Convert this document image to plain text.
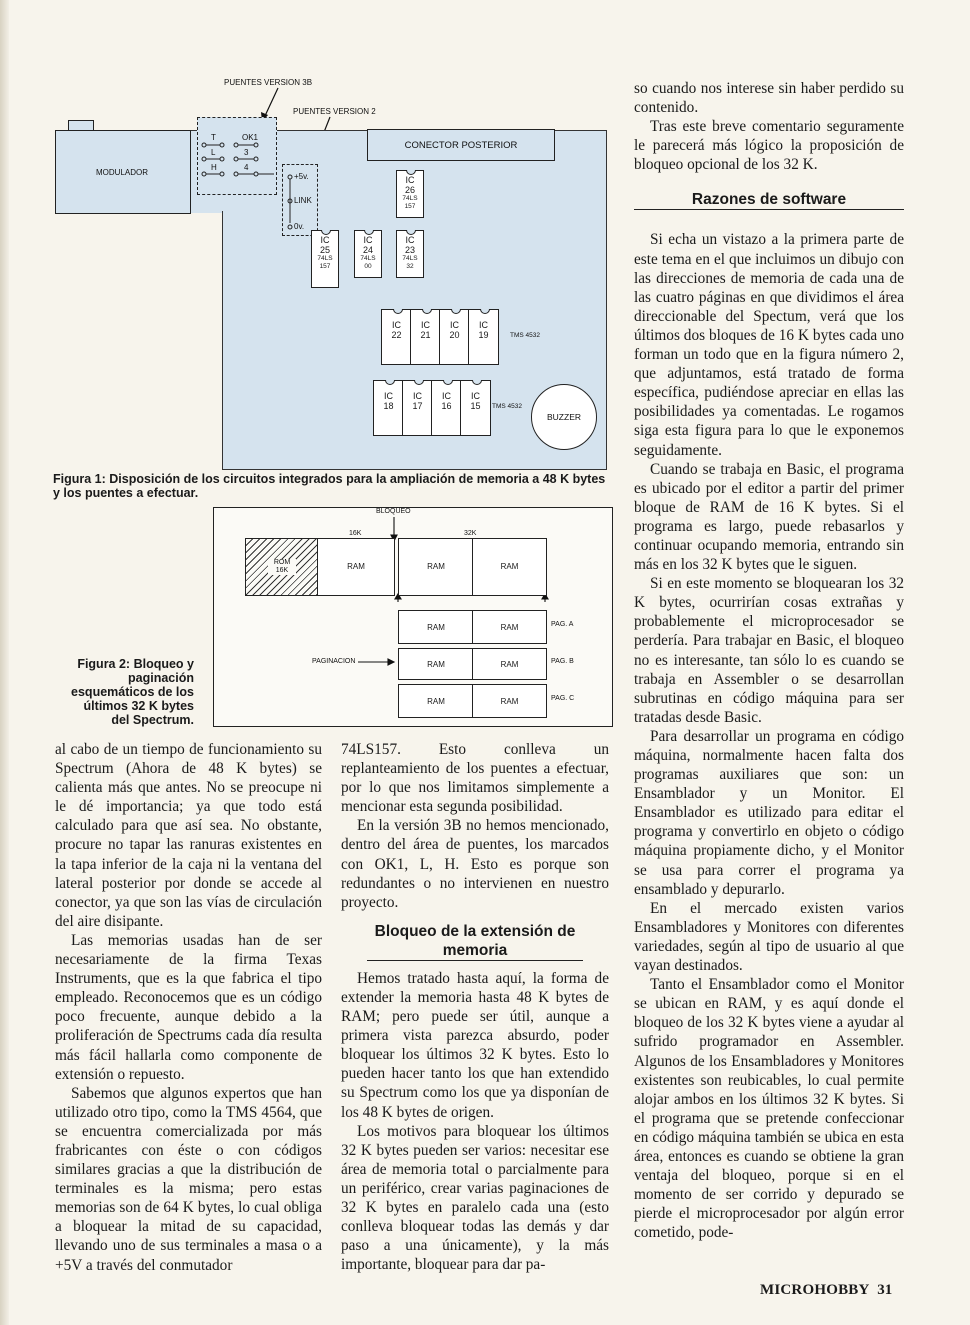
PUENTES VERSION 3B
PUENTES VERSION 2
MODULADOR
T	OK1
L	3
H	4
+5v.
LINK
0v.
CONECTOR POSTERIOR
IC
26
74LS
157
IC
25
74LS
157
IC
24
74LS
00
IC
23
74LS
32
IC
22
IC
21
IC
20
IC
19	TMS 4532
IC
18
IC
17
IC
16
IC
15	TMS 4532
BUZZER
Figura 1: Disposición de los circuitos integrados para la ampliación de memoria a 48 K bytes y los puentes a efectuar.
BLOQUEO
16K	32K
ROM 16K	RAM	RAM	RAM
RAM	RAM	PAG. A
RAM	RAM	PAG. B
PAGINACION
RAM	RAM	PAG. C
Figura 2: Bloqueo y paginación esquemáticos de los últimos 32 K bytes del Spectrum.

al cabo de un tiempo de funcionamiento su Spectrum (Ahora de 48 K bytes) se calienta más que antes. No se preocupe ni le dé importancia; ya que todo está calculado para que así sea. No obstante, procure no tapar las ranuras existentes en la tapa inferior de la caja ni la ventana del lateral posterior por donde se accede al conector, ya que son las vías de circulación del aire disipante.

Las memorias usadas han de ser necesariamente de la firma Texas Instruments, que es la que fabrica el tipo empleado. Reconocemos que es un código poco frecuente, aunque debido a la proliferación de Spectrums cada día resulta más fácil hallarla como componente de extensión o repuesto.

Sabemos que algunos expertos que han utilizado otro tipo, como la TMS 4564, que se encuentra comercializada por más frabricantes con éste o con códigos similares gracias a que la distribución de terminales es la misma; pero estas memorias son de 64 K bytes, lo cual obliga a bloquear la mitad de su capacidad, llevando uno de sus terminales a masa o a +5V a través del conmutador

74LS157. Esto conlleva un replanteamiento de los puentes a efectuar, por lo que nos limitamos simplemente a mencionar esta segunda posibilidad.

En la versión 3B no hemos mencionado, dentro del área de puentes, los marcados con OK1, L, H. Esto es porque son redundantes o no intervienen en nuestro proyecto.

Bloqueo de la extensión de memoria

Hemos tratado hasta aquí, la forma de extender la memoria hasta 48 K bytes de RAM; pero puede ser útil, aunque a primera vista parezca absurdo, poder bloquear los últimos 32 K bytes. Esto lo pueden hacer tanto los que han extendido su Spectrum como los que ya disponían de los 48 K bytes de origen.

Los motivos para bloquear los últimos 32 K bytes pueden ser varios: necesitar ese área de memoria total o parcialmente para un periférico, crear varias paginaciones de 32 K bytes en paralelo cada una (esto conlleva bloquear todas las demás y dar paso a una únicamente), y la más importante, bloquear para dar pa-

so cuando nos interese sin haber perdido su contenido.

Tras este breve comentario seguramente le parecerá más lógico la proposición de bloqueo opcional de los 32 K.

Razones de software

Si echa un vistazo a la primera parte de este tema en el que incluimos un dibujo con las direcciones de memoria de cada una de las cuatro páginas en que dividimos el área direccionable del Spectum, verá que los últimos dos bloques de 16 K bytes cada uno forman un todo que en la figura número 2, que adjuntamos, está tratado de forma específica, pudiéndose apreciar en ellas las posibilidades ya comentadas. Le rogamos siga esta figura para lo que le exponemos seguidamente.

Cuando se trabaja en Basic, el programa es ubicado por el editor a partir del primer bloque de RAM de 16 K bytes. Si el programa es largo, puede rebasarlos y continuar ocupando memoria, entrando sin más en los 32 K bytes que le siguen.

Si en este momento se bloquearan los 32 K bytes, ocurrirían cosas extrañas y probablemente el microprocesador se perdería. Para trabajar en Basic, el bloqueo no es interesante, tan sólo lo es cuando se trabaja en Assembler o se desarrollan subrutinas en código máquina para ser tratadas desde Basic.

Para desarrollar un programa en código máquina, normalmente hacen falta dos programas auxiliares que son: un Ensamblador y un Monitor. El Ensamblador es utilizado para editar el programa y convertirlo en objeto o código máquina propiamente dicho, y el Monitor se usa para correr el programa ya ensamblado y depurarlo.

En el mercado existen varios Ensambladores y Monitores con diferentes variedades, según al tipo de usuario al que vayan destinados.

Tanto el Ensamblador como el Monitor se ubican en RAM, y es aquí donde el bloqueo de los 32 K bytes viene a ayudar al sufrido programador en Assembler. Algunos de los Ensambladores y Monitores existentes son reubicables, lo cual permite alojar ambos en los últimos 32 K bytes. Si el programa que se pretende confeccionar en código máquina también se ubica en esta área, entonces es cuando se obtiene la gran ventaja del bloqueo, porque si en el momento de ser corrido y depurado se pierde el microprocesador por algún error cometido, pode-

MICROHOBBY 31
